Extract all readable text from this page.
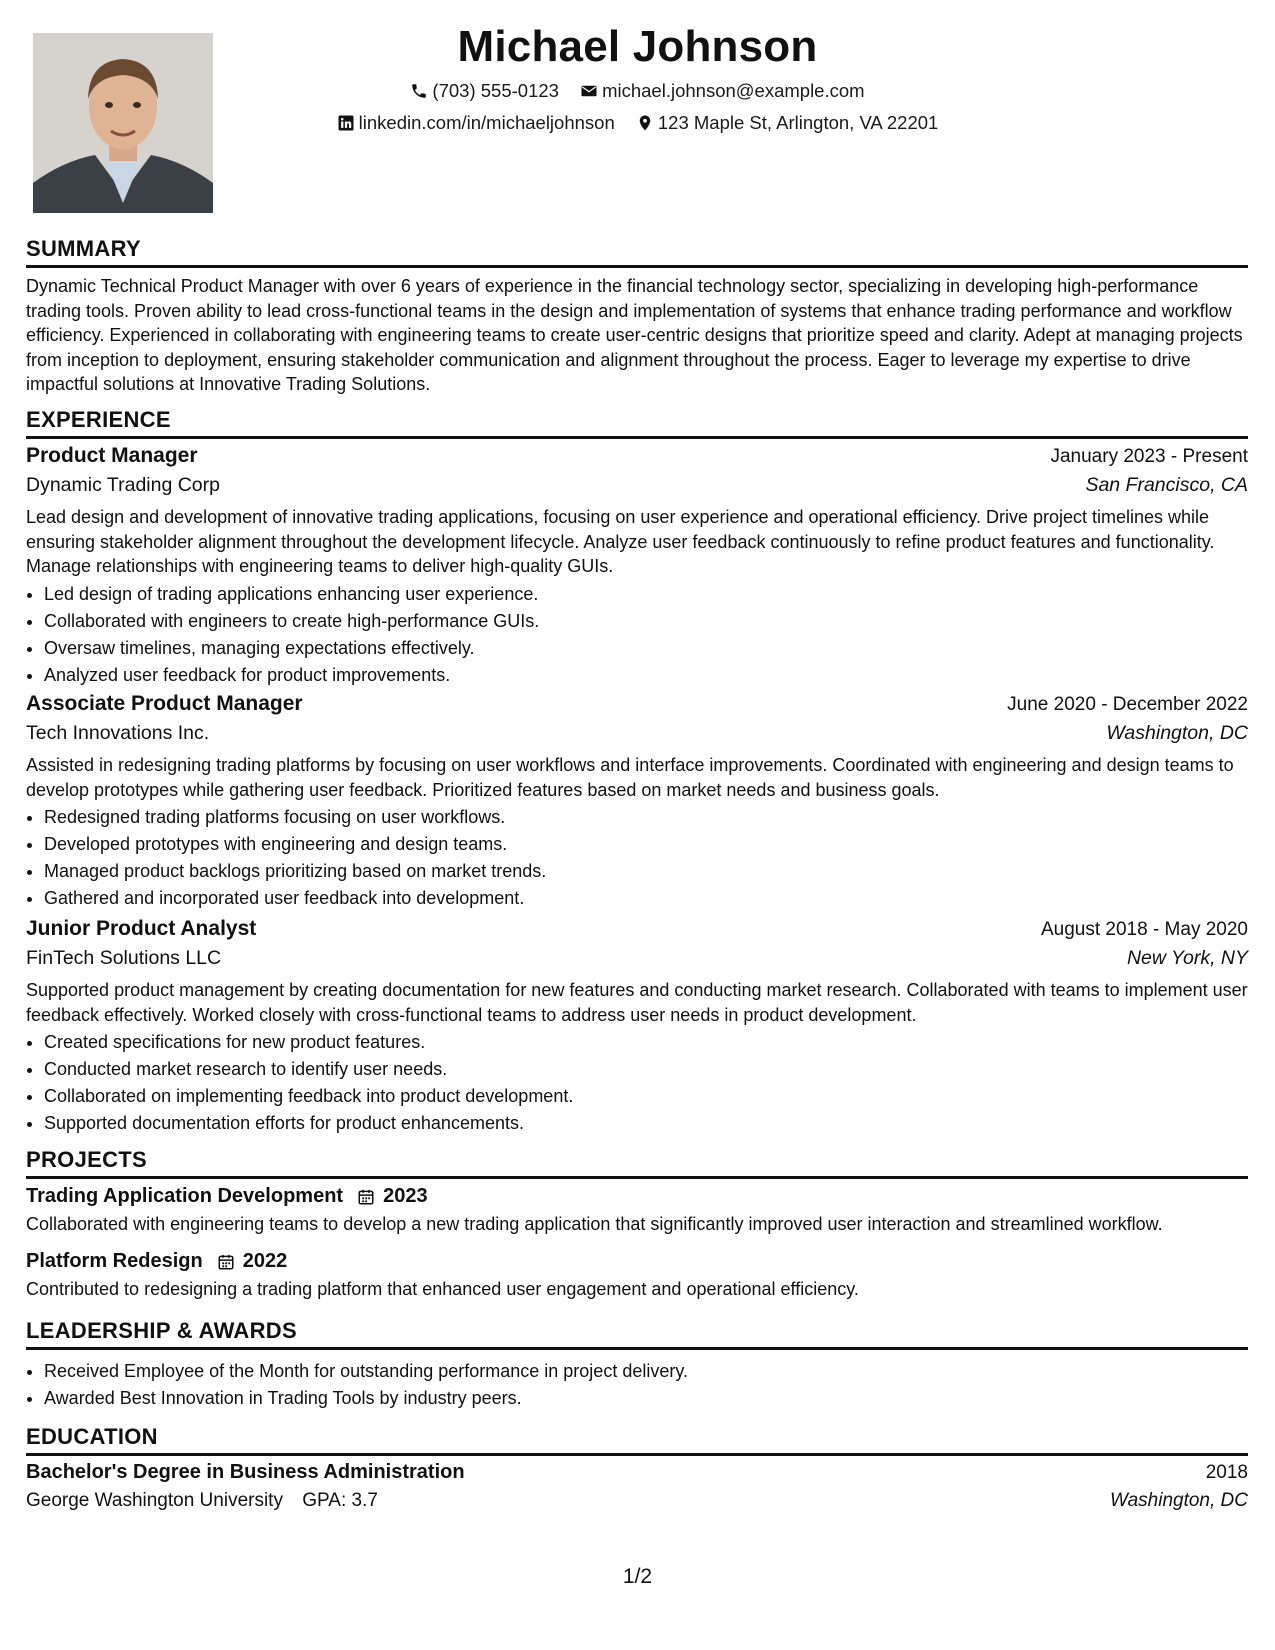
Michael Johnson
(703) 555-0123
michael.johnson@example.com
linkedin.com/in/michaeljohnson
123 Maple St, Arlington, VA 22201
SUMMARY

Dynamic Technical Product Manager with over 6 years of experience in the financial technology sector, specializing in developing high-performance trading tools. Proven ability to lead cross-functional teams in the design and implementation of systems that enhance trading performance and workflow efficiency. Experienced in collaborating with engineering teams to create user-centric designs that prioritize speed and clarity. Adept at managing projects from inception to deployment, ensuring stakeholder communication and alignment throughout the process. Eager to leverage my expertise to drive impactful solutions at Innovative Trading Solutions.

EXPERIENCE
Product Manager	January 2023 - Present
Dynamic Trading Corp	San Francisco, CA

Lead design and development of innovative trading applications, focusing on user experience and operational efficiency. Drive project timelines while ensuring stakeholder alignment throughout the development lifecycle. Analyze user feedback continuously to refine product features and functionality. Manage relationships with engineering teams to deliver high-quality GUIs.

• Led design of trading applications enhancing user experience.
• Collaborated with engineers to create high-performance GUIs.
• Oversaw timelines, managing expectations effectively.
• Analyzed user feedback for product improvements.
Associate Product Manager	June 2020 - December 2022
Tech Innovations Inc.	Washington, DC

Assisted in redesigning trading platforms by focusing on user workflows and interface improvements. Coordinated with engineering and design teams to develop prototypes while gathering user feedback. Prioritized features based on market needs and business goals.

• Redesigned trading platforms focusing on user workflows.
• Developed prototypes with engineering and design teams.
• Managed product backlogs prioritizing based on market trends.
• Gathered and incorporated user feedback into development.
Junior Product Analyst	August 2018 - May 2020
FinTech Solutions LLC	New York, NY

Supported product management by creating documentation for new features and conducting market research. Collaborated with teams to implement user feedback effectively. Worked closely with cross-functional teams to address user needs in product development.

• Created specifications for new product features.
• Conducted market research to identify user needs.
• Collaborated on implementing feedback into product development.
• Supported documentation efforts for product enhancements.
PROJECTS
Trading Application Development 2023
Collaborated with engineering teams to develop a new trading application that significantly improved user interaction and streamlined workflow.
Platform Redesign 2022
Contributed to redesigning a trading platform that enhanced user engagement and operational efficiency.
LEADERSHIP & AWARDS
• Received Employee of the Month for outstanding performance in project delivery.
• Awarded Best Innovation in Trading Tools by industry peers.
EDUCATION
Bachelor's Degree in Business Administration	2018
George Washington University GPA: 3.7	Washington, DC
1/2
